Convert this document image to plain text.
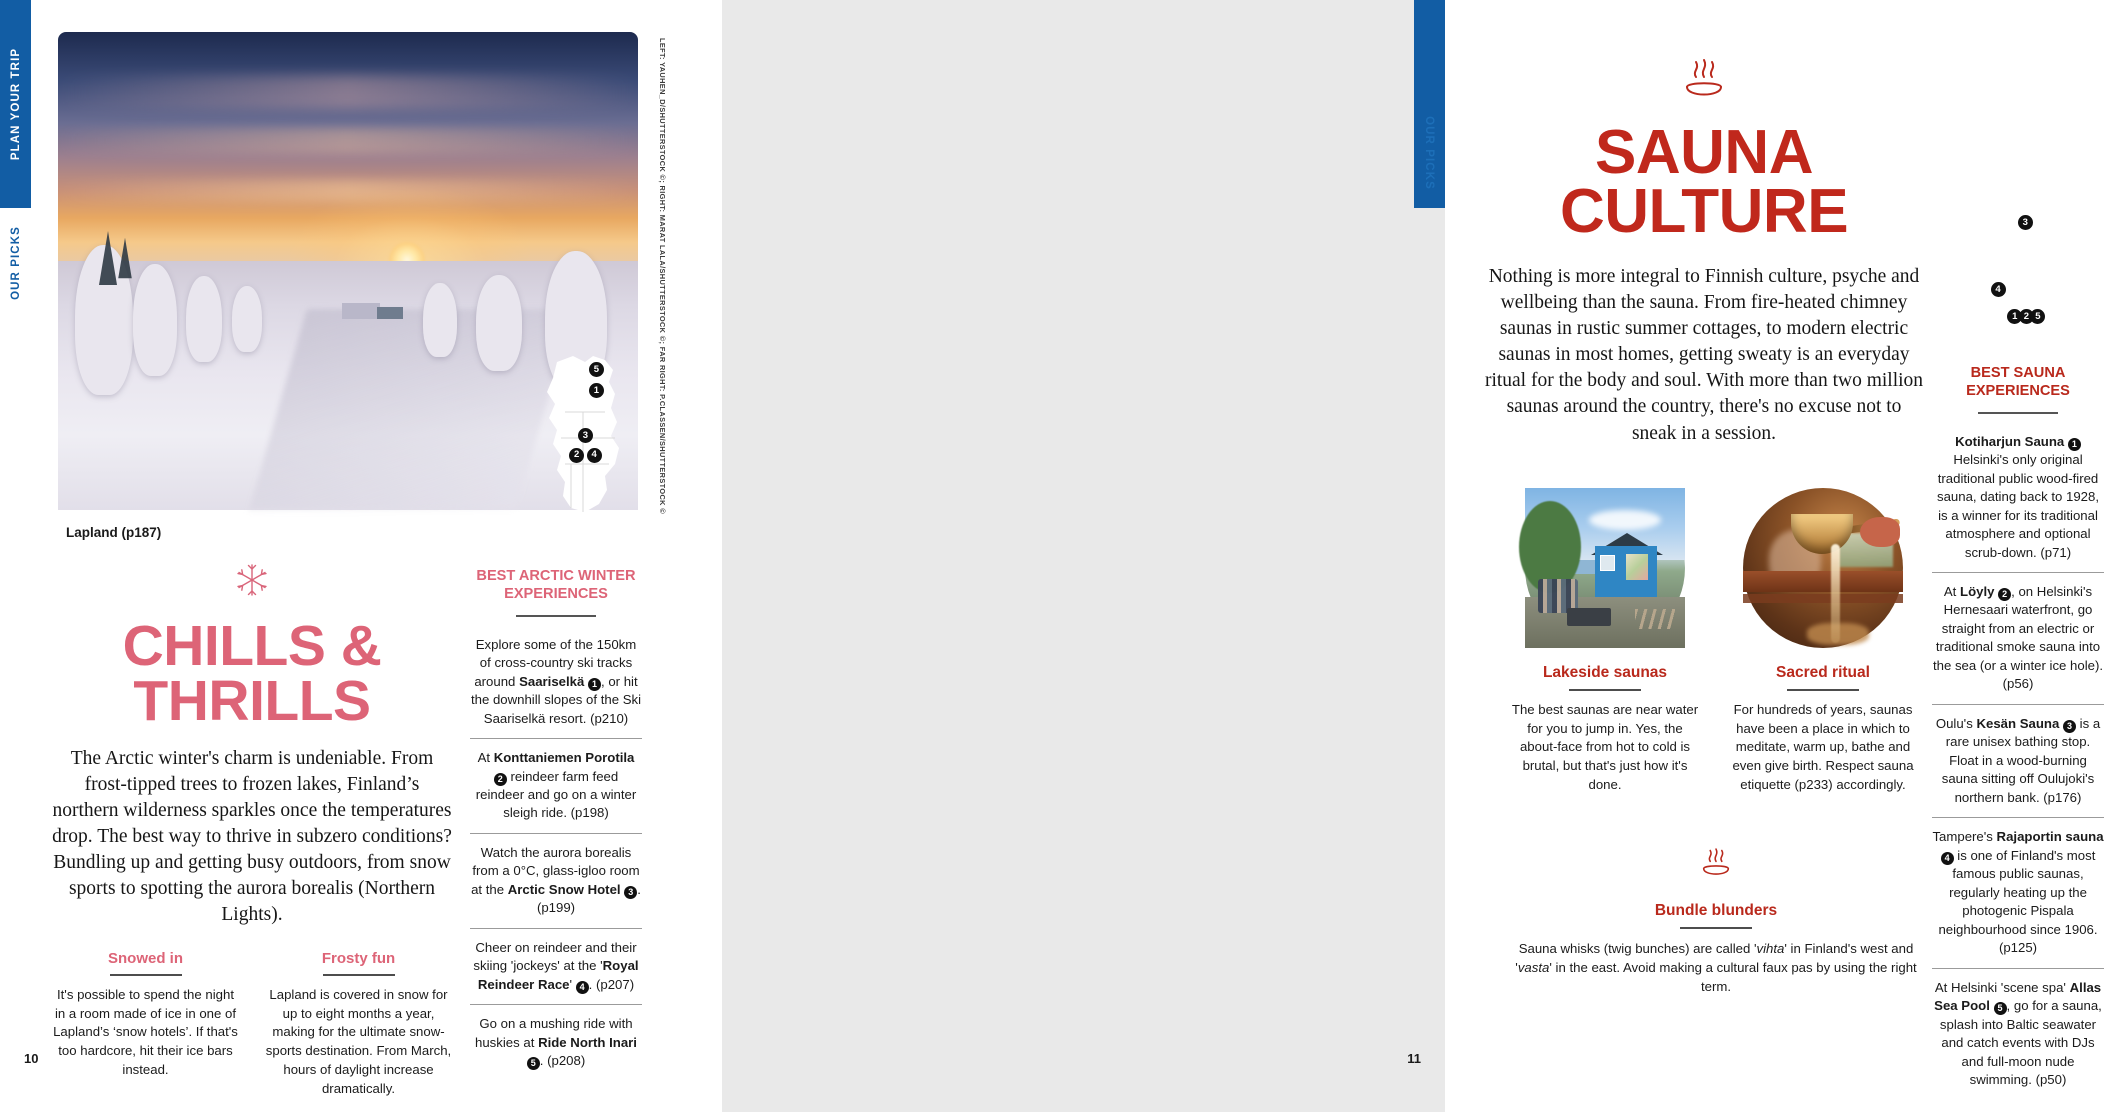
PLAN YOUR TRIP
OUR PICKS	LEFT: YAUHEN_D/SHUTTERSTOCK ©; RIGHT: MARAT LALA/SHUTTERSTOCK ©; FAR RIGHT: P.CLASSEN/SHUTTERSTOCK ©
Lapland (p187)
5
1
3
2	4
CHILLS &
THRILLS

The Arctic winter's charm is undeniable. From frost-tipped trees to frozen lakes, Finland’s northern wilderness sparkles once the temperatures drop. The best way to thrive in subzero conditions? Bundling up and getting busy outdoors, from snow sports to spotting the aurora borealis (Northern Lights).

Snowed in
It's possible to spend the night in a room made of ice in one of Lapland’s ‘snow hotels’. If that's too hardcore, hit their ice bars instead.
Frosty fun
Lapland is covered in snow for up to eight months a year, making for the ultimate snow-sports destination. From March, hours of daylight increase dramatically.
BEST ARCTIC WINTER EXPERIENCES
Explore some of the 150km of cross-country ski tracks around Saariselkä 1 , or hit the downhill slopes of the Ski Saariselkä resort. (p210)
At Konttaniemen Porotila 2 reindeer farm feed reindeer and go on a winter sleigh ride. (p198)
Watch the aurora borealis from a 0°C, glass-igloo room at the Arctic Snow Hotel 3 . (p199)
Cheer on reindeer and their skiing 'jockeys' at the 'Royal Reindeer Race' 4 . (p207)
Go on a mushing ride with huskies at Ride North Inari 5 . (p208)
10
OUR PICKS
3
4
1 2 5
SAUNA
CULTURE

Nothing is more integral to Finnish culture, psyche and wellbeing than the sauna. From fire-heated chimney saunas in rustic summer cottages, to modern electric saunas in most homes, getting sweaty is an everyday ritual for the body and soul. With more than two million saunas around the country, there's no excuse not to sneak in a session.

Lakeside saunas
The best saunas are near water for you to jump in. Yes, the about-face from hot to cold is brutal, but that's just how it's done.
Sacred ritual
For hundreds of years, saunas have been a place in which to meditate, warm up, bathe and even give birth. Respect sauna etiquette (p233) accordingly.
Bundle blunders
Sauna whisks (twig bunches) are called 'vihta' in Finland's west and 'vasta' in the east. Avoid making a cultural faux pas by using the right term.
BEST SAUNA EXPERIENCES
Kotiharjun Sauna 1 Helsinki's only original traditional public wood-fired sauna, dating back to 1928, is a winner for its traditional atmosphere and optional scrub-down. (p71)
At Löyly 2 , on Helsinki's Hernesaari waterfront, go straight from an electric or traditional smoke sauna into the sea (or a winter ice hole). (p56)
Oulu's Kesän Sauna 3 is a rare unisex bathing stop. Float in a wood-burning sauna sitting off Oulujoki's northern bank. (p176)
Tampere's Rajaportin sauna 4 is one of Finland's most famous public saunas, regularly heating up the photogenic Pispala neighbourhood since 1906. (p125)
At Helsinki 'scene spa' Allas Sea Pool 5 , go for a sauna, splash into Baltic seawater and catch events with DJs and full-moon nude swimming. (p50)
11
